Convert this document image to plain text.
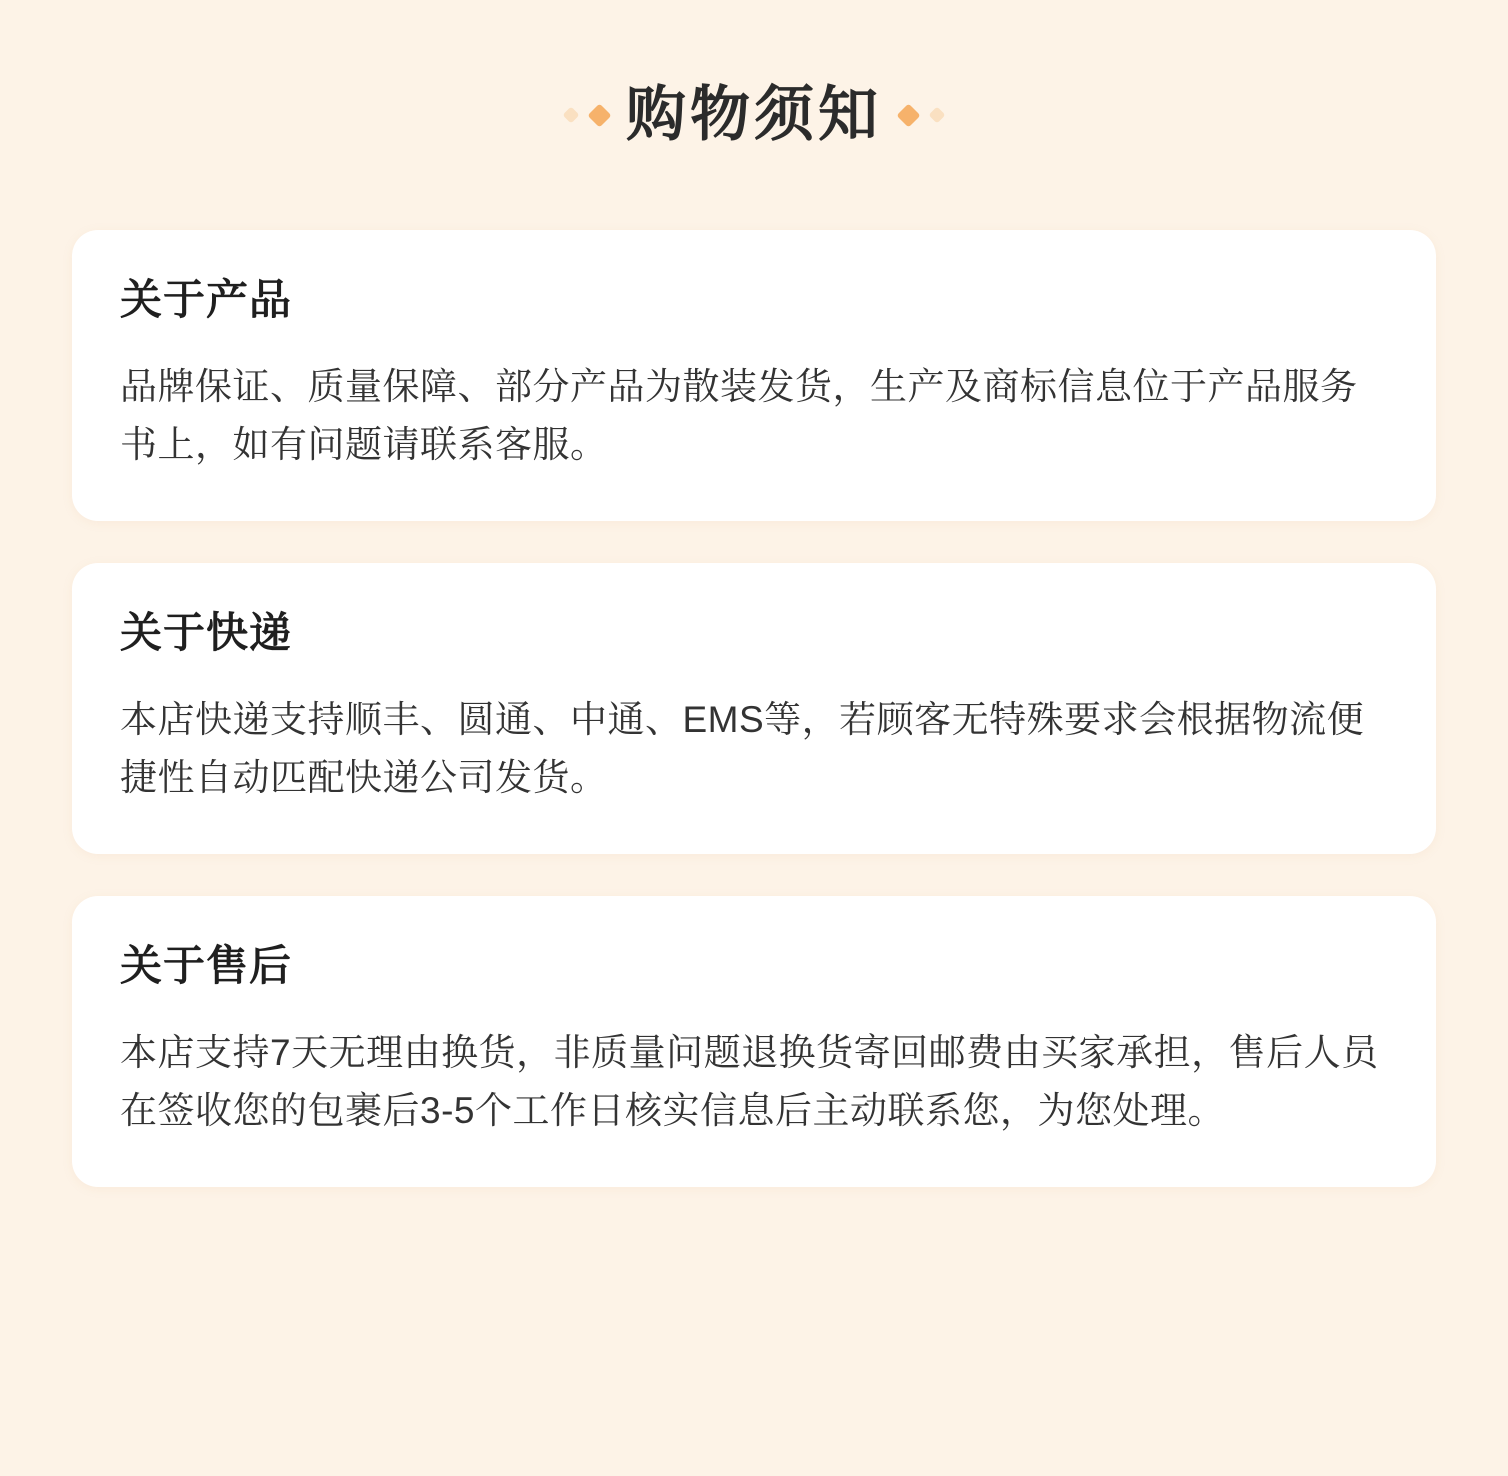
购物须知
关于产品

品牌保证、质量保障、部分产品为散装发货，生产及商标信息位于产品服务书上，如有问题请联系客服。

关于快递

本店快递支持顺丰、圆通、中通、EMS等，若顾客无特殊要求会根据物流便捷性自动匹配快递公司发货。

关于售后

本店支持7天无理由换货，非质量问题退换货寄回邮费由买家承担，售后人员在签收您的包裹后3-5个工作日核实信息后主动联系您，为您处理。
